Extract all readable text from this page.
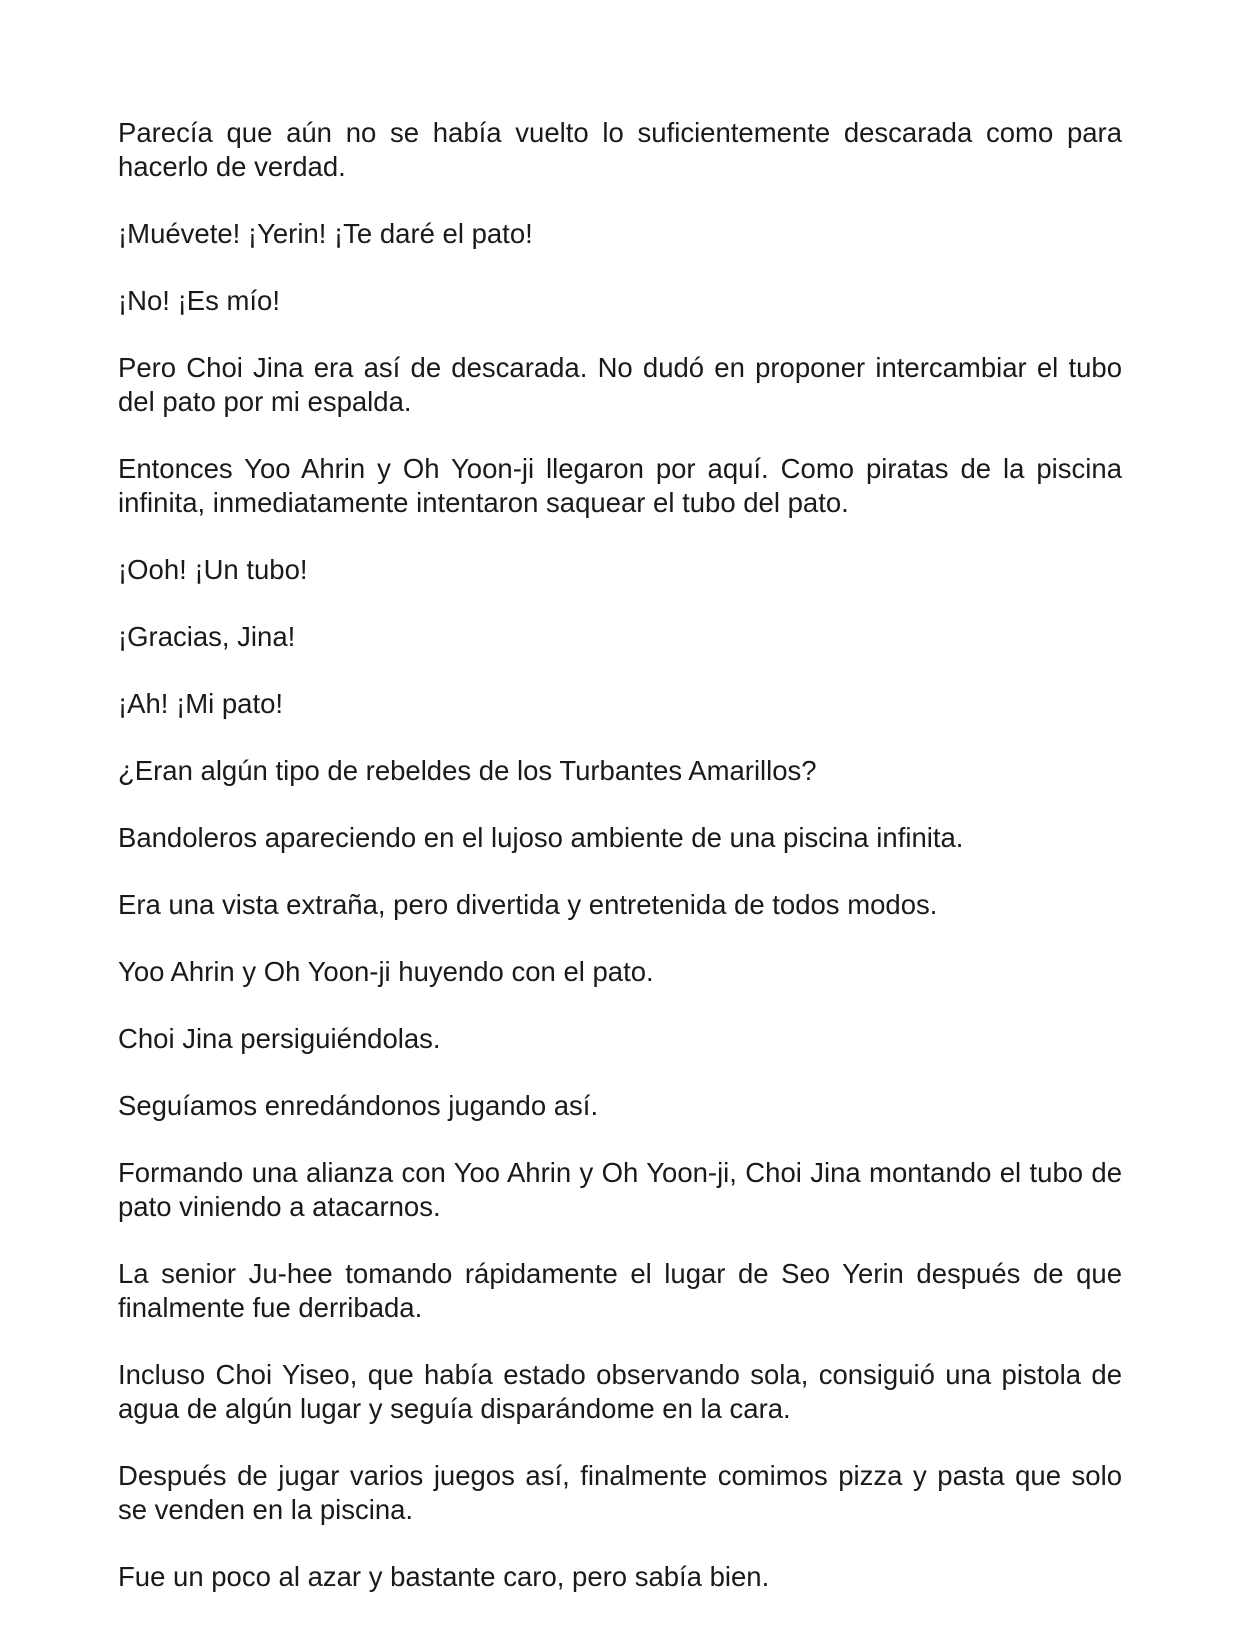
Parecía que aún no se había vuelto lo suficientemente descarada como para hacerlo de verdad.

¡Muévete! ¡Yerin! ¡Te daré el pato!

¡No! ¡Es mío!

Pero Choi Jina era así de descarada. No dudó en proponer intercambiar el tubo del pato por mi espalda.

Entonces Yoo Ahrin y Oh Yoon-ji llegaron por aquí. Como piratas de la piscina infinita, inmediatamente intentaron saquear el tubo del pato.

¡Ooh! ¡Un tubo!

¡Gracias, Jina!

¡Ah! ¡Mi pato!

¿Eran algún tipo de rebeldes de los Turbantes Amarillos?

Bandoleros apareciendo en el lujoso ambiente de una piscina infinita.

Era una vista extraña, pero divertida y entretenida de todos modos.

Yoo Ahrin y Oh Yoon-ji huyendo con el pato.

Choi Jina persiguiéndolas.

Seguíamos enredándonos jugando así.

Formando una alianza con Yoo Ahrin y Oh Yoon-ji, Choi Jina montando el tubo de pato viniendo a atacarnos.

La senior Ju-hee tomando rápidamente el lugar de Seo Yerin después de que finalmente fue derribada.

Incluso Choi Yiseo, que había estado observando sola, consiguió una pistola de agua de algún lugar y seguía disparándome en la cara.

Después de jugar varios juegos así, finalmente comimos pizza y pasta que solo se venden en la piscina.

Fue un poco al azar y bastante caro, pero sabía bien.
